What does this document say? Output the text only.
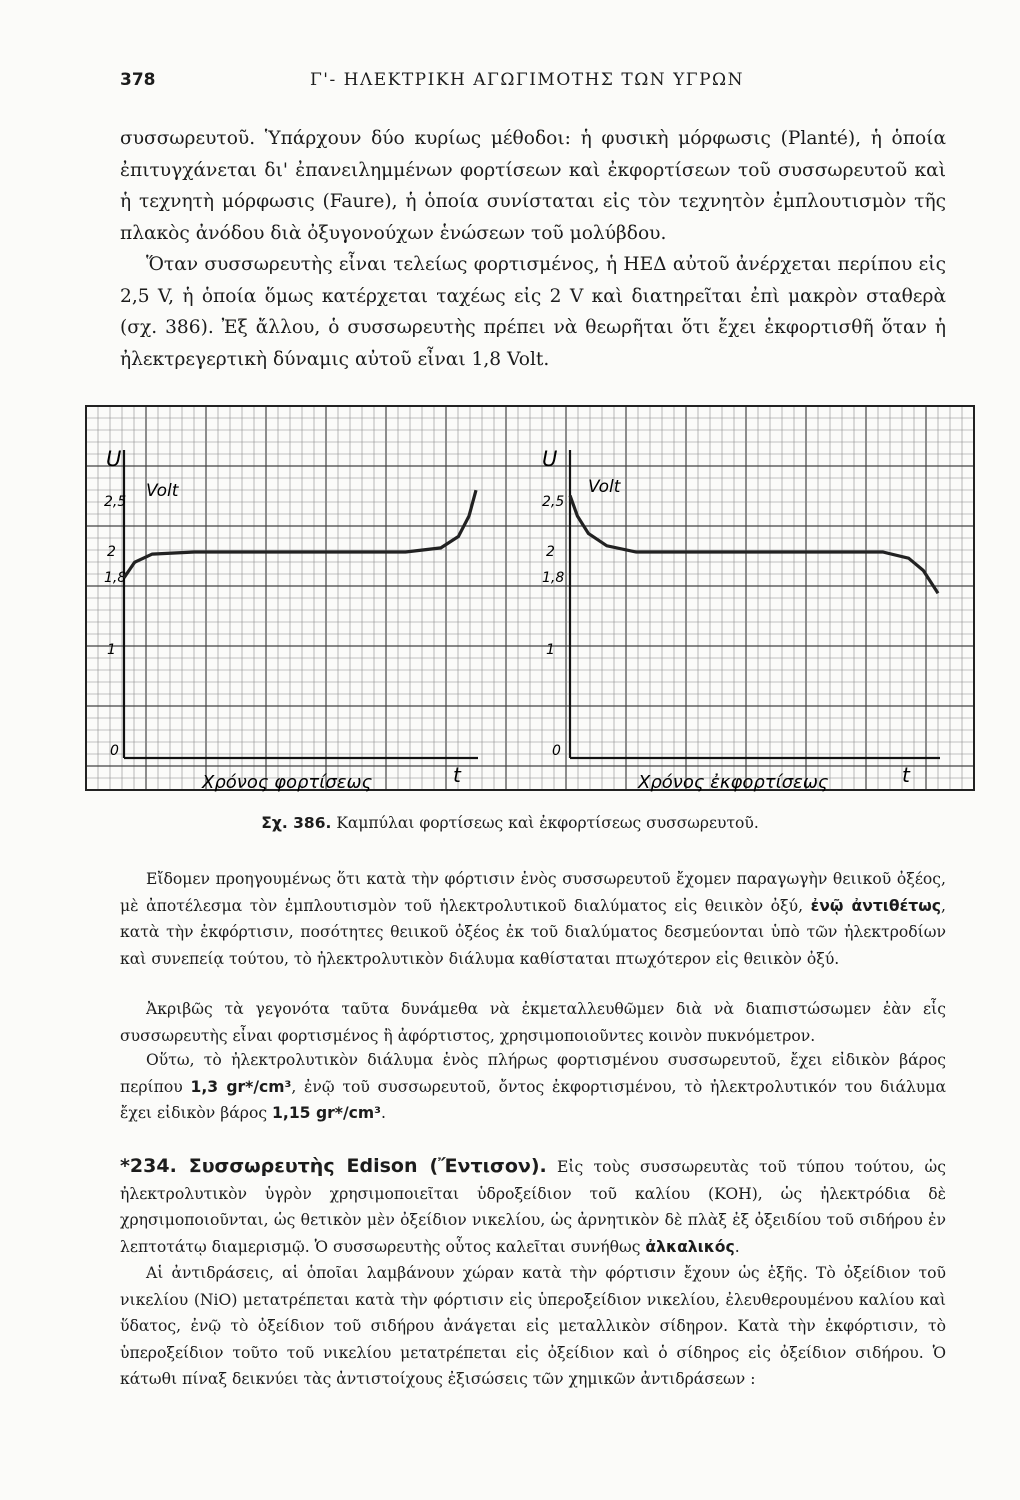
378	Γ'- ΗΛΕΚΤΡΙΚΗ ΑΓΩΓΙΜΟΤΗΣ ΤΩΝ ΥΓΡΩΝ

συσσωρευτοῦ. Ὑπάρχουν δύο κυρίως μέθοδοι: ἡ φυσικὴ μόρφωσις (Planté), ἡ ὁποία ἐπιτυγχάνεται δι' ἐπανειλημμένων φορτίσεων καὶ ἐκφορτίσεων τοῦ συσσωρευτοῦ καὶ ἡ τεχνητὴ μόρφωσις (Faure), ἡ ὁποία συνίσταται εἰς τὸν τεχνητὸν ἐμπλουτισμὸν τῆς πλακὸς ἀνόδου διὰ ὀξυγονούχων ἑνώσεων τοῦ μολύβδου.

Ὅταν συσσωρευτὴς εἶναι τελείως φορτισμένος, ἡ ΗΕΔ αὐτοῦ ἀνέρχεται περίπου εἰς 2,5 V, ἡ ὁποία ὅμως κατέρχεται ταχέως εἰς 2 V καὶ διατηρεῖται ἐπὶ μακρὸν σταθερὰ (σχ. 386). Ἐξ ἄλλου, ὁ συσσωρευτὴς πρέπει νὰ θεωρῆται ὅτι ἔχει ἐκφορτισθῆ ὅταν ἡ ἠλεκτρεγερτικὴ δύναμις αὐτοῦ εἶναι 1,8 Volt.

U
Volt
2,5
2
1,8
1
0
Χρόνος φορτίσεως	t
U
Volt
2,5
2
1,8
1
0
Χρόνος ἐκφορτίσεως	t
Σχ. 386. Καμπύλαι φορτίσεως καὶ ἐκφορτίσεως συσσωρευτοῦ.

Εἴδομεν προηγουμένως ὅτι κατὰ τὴν φόρτισιν ἑνὸς συσσωρευτοῦ ἔχομεν παραγωγὴν θειικοῦ ὀξέος, μὲ ἀποτέλεσμα τὸν ἐμπλουτισμὸν τοῦ ἠλεκτρολυτικοῦ διαλύματος εἰς θειικὸν ὀξύ, ἐνῷ ἀντιθέτως, κατὰ τὴν ἐκφόρτισιν, ποσότητες θειικοῦ ὀξέος ἐκ τοῦ διαλύματος δεσμεύονται ὑπὸ τῶν ἠλεκτροδίων καὶ συνεπείᾳ τούτου, τὸ ἠλεκτρολυτικὸν διάλυμα καθίσταται πτωχότερον εἰς θειικὸν ὀξύ.

Ἀκριβῶς τὰ γεγονότα ταῦτα δυνάμεθα νὰ ἐκμεταλλευθῶμεν διὰ νὰ διαπιστώσωμεν ἐὰν εἷς συσσωρευτὴς εἶναι φορτισμένος ἢ ἀφόρτιστος, χρησιμοποιοῦντες κοινὸν πυκνόμετρον.

Οὕτω, τὸ ἠλεκτρολυτικὸν διάλυμα ἑνὸς πλήρως φορτισμένου συσσωρευτοῦ, ἔχει εἰδικὸν βάρος περίπου 1,3 gr*/cm³, ἐνῷ τοῦ συσσωρευτοῦ, ὄντος ἐκφορτισμένου, τὸ ἠλεκτρολυτικόν του διάλυμα ἔχει εἰδικὸν βάρος 1,15 gr*/cm³.

*234. Συσσωρευτὴς Edison (Ἔντισον). Εἰς τοὺς συσσωρευτὰς τοῦ τύπου τούτου, ὡς ἠλεκτρολυτικὸν ὑγρὸν χρησιμοποιεῖται ὑδροξείδιον τοῦ καλίου (KOH), ὡς ἠλεκτρόδια δὲ χρησιμοποιοῦνται, ὡς θετικὸν μὲν ὀξείδιον νικελίου, ὡς ἀρνητικὸν δὲ πλὰξ ἐξ ὀξειδίου τοῦ σιδήρου ἐν λεπτοτάτῳ διαμερισμῷ. Ὁ συσσωρευτὴς οὗτος καλεῖται συνήθως ἀλκαλικός.

Αἱ ἀντιδράσεις, αἱ ὁποῖαι λαμβάνουν χώραν κατὰ τὴν φόρτισιν ἔχουν ὡς ἑξῆς. Τὸ ὀξείδιον τοῦ νικελίου (NiO) μετατρέπεται κατὰ τὴν φόρτισιν εἰς ὑπεροξείδιον νικελίου, ἐλευθερουμένου καλίου καὶ ὕδατος, ἐνῷ τὸ ὀξείδιον τοῦ σιδήρου ἀνάγεται εἰς μεταλλικὸν σίδηρον. Κατὰ τὴν ἐκφόρτισιν, τὸ ὑπεροξείδιον τοῦτο τοῦ νικελίου μετατρέπεται εἰς ὀξείδιον καὶ ὁ σίδηρος εἰς ὀξείδιον σιδήρου. Ὁ κάτωθι πίναξ δεικνύει τὰς ἀντιστοίχους ἐξισώσεις τῶν χημικῶν ἀντιδράσεων :
